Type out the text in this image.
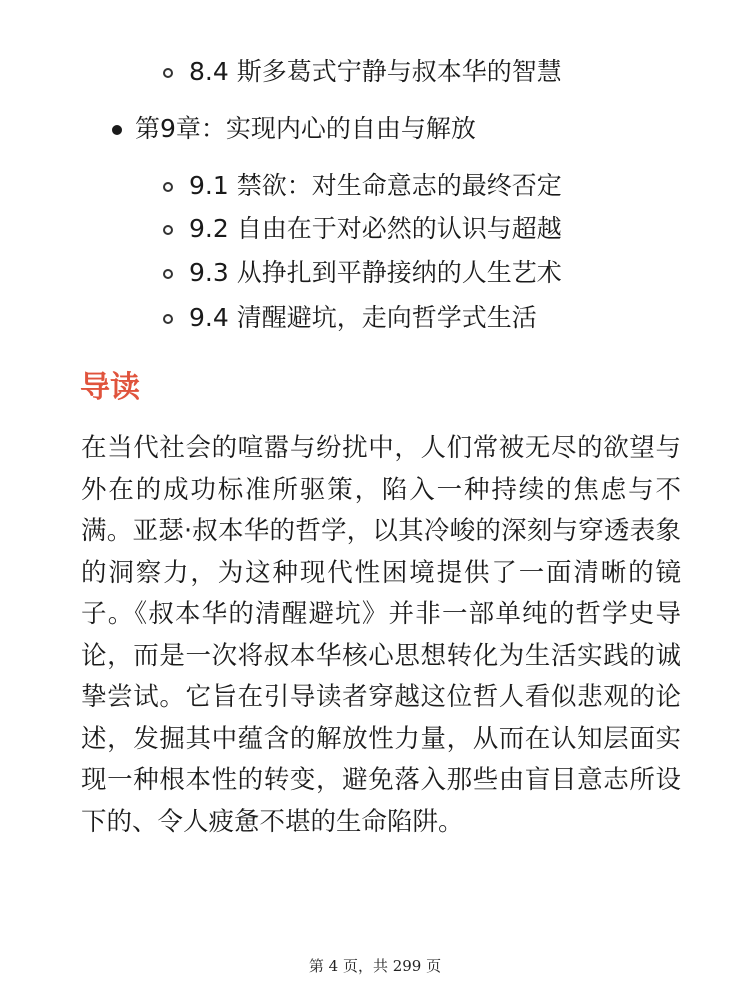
8.4 斯多葛式宁静与叔本华的智慧
第9章：实现内心的自由与解放
9.1 禁欲：对生命意志的最终否定
9.2 自由在于对必然的认识与超越
9.3 从挣扎到平静接纳的人生艺术
9.4 清醒避坑，走向哲学式生活
导读
在当代社会的喧嚣与纷扰中，人们常被无尽的欲望与外在的成功标准所驱策，陷入一种持续的焦虑与不满。亚瑟·叔本华的哲学，以其冷峻的深刻与穿透表象的洞察力，为这种现代性困境提供了一面清晰的镜子。《叔本华的清醒避坑》并非一部单纯的哲学史导论，而是一次将叔本华核心思想转化为生活实践的诚挚尝试。它旨在引导读者穿越这位哲人看似悲观的论述，发掘其中蕴含的解放性力量，从而在认知层面实现一种根本性的转变，避免落入那些由盲目意志所设下的、令人疲惫不堪的生命陷阱。
第 4 页，共 299 页
